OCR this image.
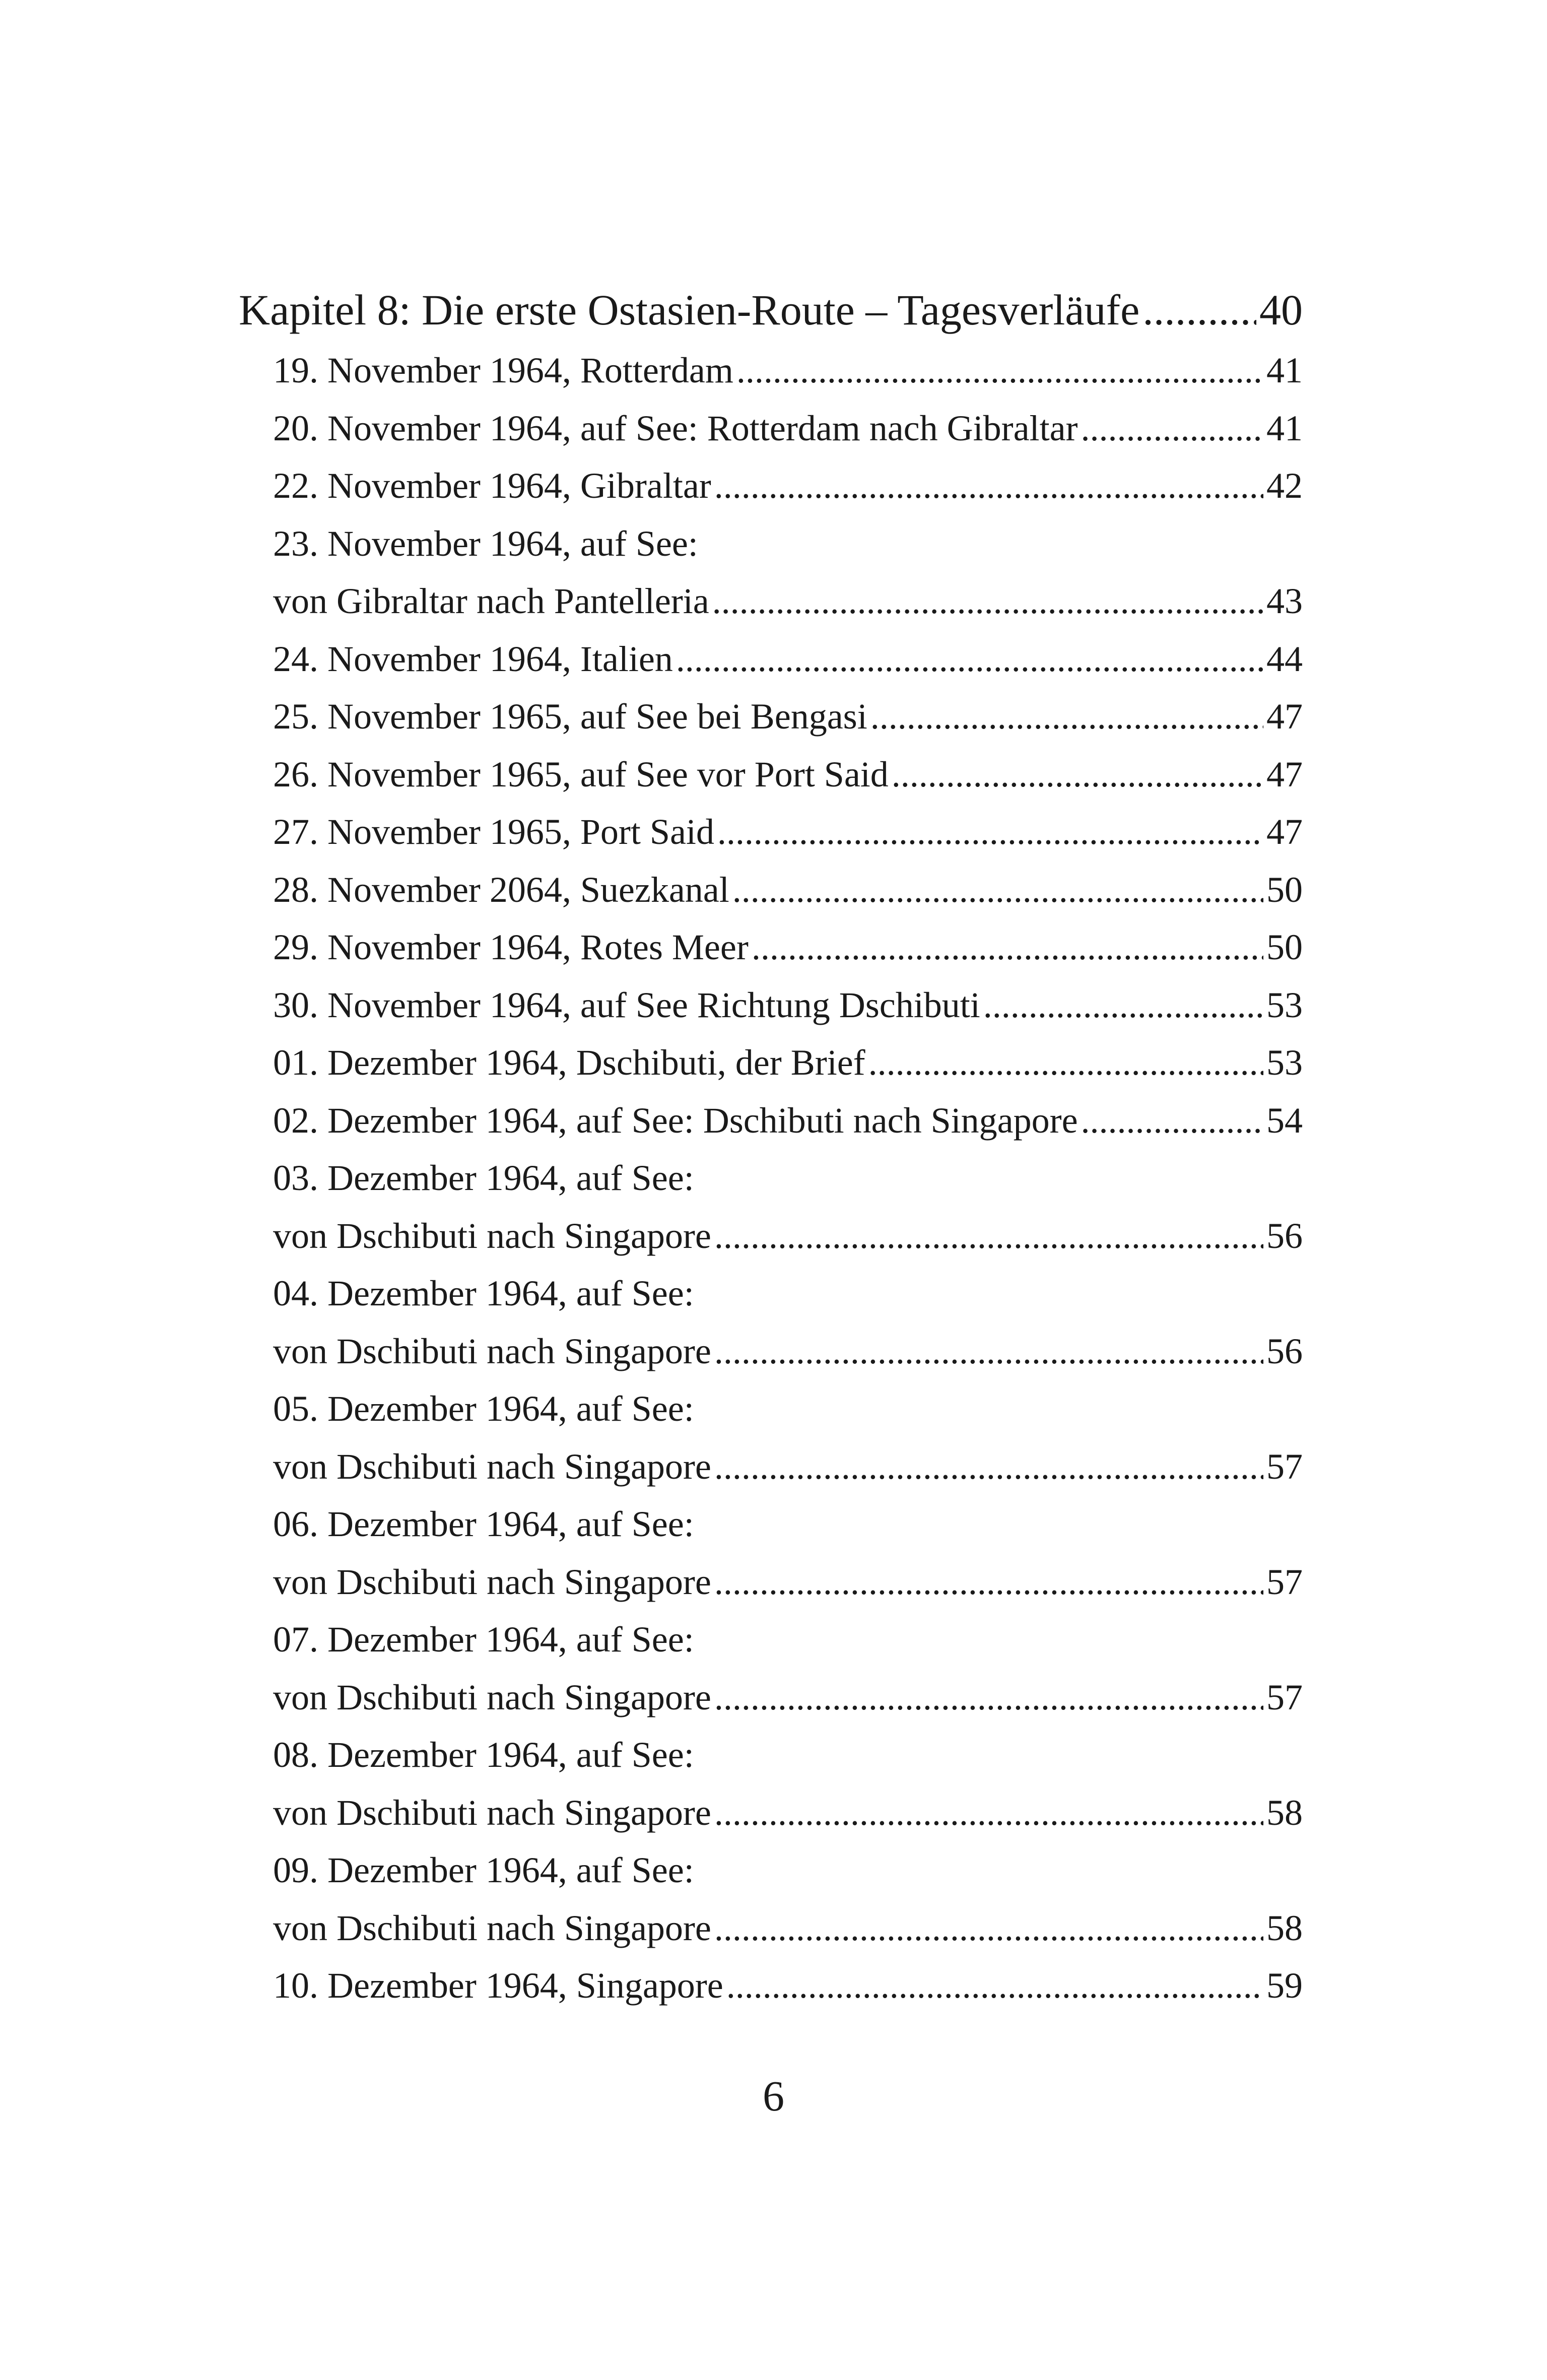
Kapitel 8: Die erste Ostasien-Route – Tagesverläufe .....	40
19. November 1964, Rotterdam .....	41
20. November 1964, auf See: Rotterdam nach Gibraltar .....	41
22. November 1964, Gibraltar .....	42
23. November 1964, auf See:
von Gibraltar nach Pantelleria .....	43
24. November 1964, Italien .....	44
25. November 1965, auf See bei Bengasi .....	47
26. November 1965, auf See vor Port Said .....	47
27. November 1965, Port Said .....	47
28. November 2064, Suezkanal .....	50
29. November 1964, Rotes Meer .....	50
30. November 1964, auf See Richtung Dschibuti .....	53
01. Dezember 1964, Dschibuti, der Brief .....	53
02. Dezember 1964, auf See: Dschibuti nach Singapore .....	54
03. Dezember 1964, auf See:
von Dschibuti nach Singapore .....	56
04. Dezember 1964, auf See:
von Dschibuti nach Singapore .....	56
05. Dezember 1964, auf See:
von Dschibuti nach Singapore .....	57
06. Dezember 1964, auf See:
von Dschibuti nach Singapore .....	57
07. Dezember 1964, auf See:
von Dschibuti nach Singapore .....	57
08. Dezember 1964, auf See:
von Dschibuti nach Singapore .....	58
09. Dezember 1964, auf See:
von Dschibuti nach Singapore .....	58
10. Dezember 1964, Singapore .....	59
6
